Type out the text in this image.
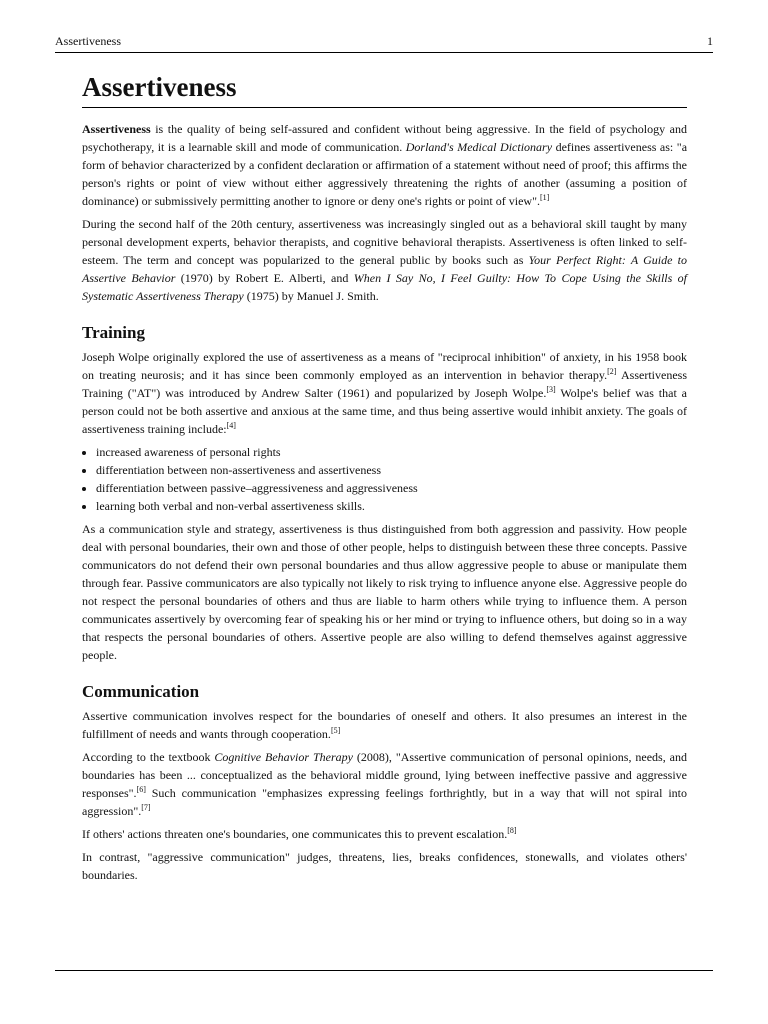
Assertiveness	1
Assertiveness

Assertiveness is the quality of being self-assured and confident without being aggressive. In the field of psychology and psychotherapy, it is a learnable skill and mode of communication. Dorland's Medical Dictionary defines assertiveness as: "a form of behavior characterized by a confident declaration or affirmation of a statement without need of proof; this affirms the person's rights or point of view without either aggressively threatening the rights of another (assuming a position of dominance) or submissively permitting another to ignore or deny one's rights or point of view".[1]

During the second half of the 20th century, assertiveness was increasingly singled out as a behavioral skill taught by many personal development experts, behavior therapists, and cognitive behavioral therapists. Assertiveness is often linked to self-esteem. The term and concept was popularized to the general public by books such as Your Perfect Right: A Guide to Assertive Behavior (1970) by Robert E. Alberti, and When I Say No, I Feel Guilty: How To Cope Using the Skills of Systematic Assertiveness Therapy (1975) by Manuel J. Smith.

Training

Joseph Wolpe originally explored the use of assertiveness as a means of "reciprocal inhibition" of anxiety, in his 1958 book on treating neurosis; and it has since been commonly employed as an intervention in behavior therapy.[2] Assertiveness Training ("AT") was introduced by Andrew Salter (1961) and popularized by Joseph Wolpe.[3] Wolpe's belief was that a person could not be both assertive and anxious at the same time, and thus being assertive would inhibit anxiety. The goals of assertiveness training include:[4]

• increased awareness of personal rights
• differentiation between non-assertiveness and assertiveness
• differentiation between passive–aggressiveness and aggressiveness
• learning both verbal and non-verbal assertiveness skills.

As a communication style and strategy, assertiveness is thus distinguished from both aggression and passivity. How people deal with personal boundaries, their own and those of other people, helps to distinguish between these three concepts. Passive communicators do not defend their own personal boundaries and thus allow aggressive people to abuse or manipulate them through fear. Passive communicators are also typically not likely to risk trying to influence anyone else. Aggressive people do not respect the personal boundaries of others and thus are liable to harm others while trying to influence them. A person communicates assertively by overcoming fear of speaking his or her mind or trying to influence others, but doing so in a way that respects the personal boundaries of others. Assertive people are also willing to defend themselves against aggressive people.

Communication

Assertive communication involves respect for the boundaries of oneself and others. It also presumes an interest in the fulfillment of needs and wants through cooperation.[5]

According to the textbook Cognitive Behavior Therapy (2008), "Assertive communication of personal opinions, needs, and boundaries has been ... conceptualized as the behavioral middle ground, lying between ineffective passive and aggressive responses".[6] Such communication "emphasizes expressing feelings forthrightly, but in a way that will not spiral into aggression".[7]

If others' actions threaten one's boundaries, one communicates this to prevent escalation.[8]

In contrast, "aggressive communication" judges, threatens, lies, breaks confidences, stonewalls, and violates others' boundaries.
